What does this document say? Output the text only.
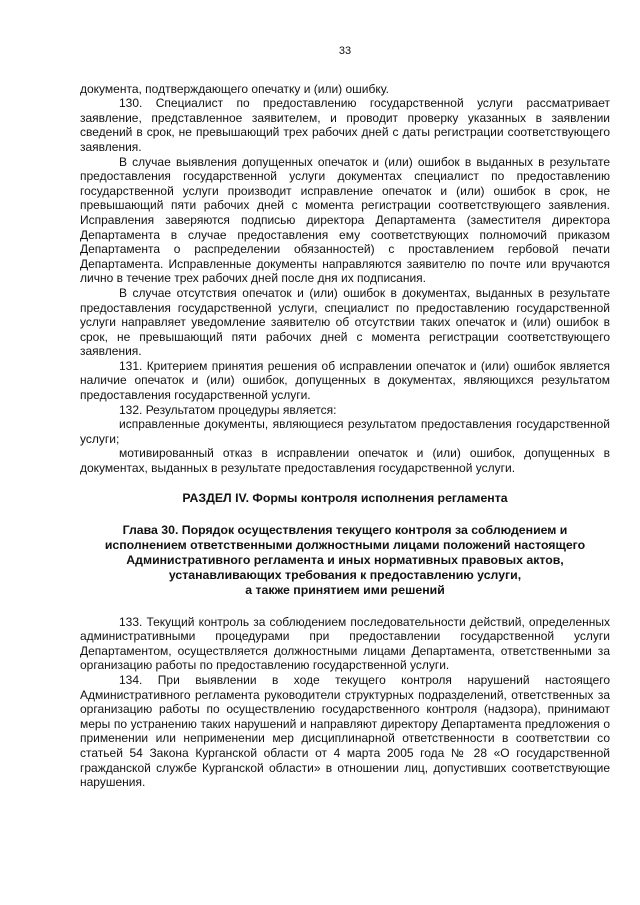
33

документа, подтверждающего опечатку и (или) ошибку.

130. Специалист по предоставлению государственной услуги рассматривает заявление, представленное заявителем, и проводит проверку указанных в заявлении сведений в срок, не превышающий трех рабочих дней с даты регистрации соответствующего заявления.

В случае выявления допущенных опечаток и (или) ошибок в выданных в результате предоставления государственной услуги документах специалист по предоставлению государственной услуги производит исправление опечаток и (или) ошибок в срок, не превышающий пяти рабочих дней с момента регистрации соответствующего заявления. Исправления заверяются подписью директора Департамента (заместителя директора Департамента в случае предоставления ему соответствующих полномочий приказом Департамента о распределении обязанностей) с проставлением гербовой печати Департамента. Исправленные документы направляются заявителю по почте или вручаются лично в течение трех рабочих дней после дня их подписания.

В случае отсутствия опечаток и (или) ошибок в документах, выданных в результате предоставления государственной услуги, специалист по предоставлению государственной услуги направляет уведомление заявителю об отсутствии таких опечаток и (или) ошибок в срок, не превышающий пяти рабочих дней с момента регистрации соответствующего заявления.

131. Критерием принятия решения об исправлении опечаток и (или) ошибок является наличие опечаток и (или) ошибок, допущенных в документах, являющихся результатом предоставления государственной услуги.

132. Результатом процедуры является:

исправленные документы, являющиеся результатом предоставления государственной услуги;

мотивированный отказ в исправлении опечаток и (или) ошибок, допущенных в документах, выданных в результате предоставления государственной услуги.

РАЗДЕЛ IV. Формы контроля исполнения регламента

Глава 30. Порядок осуществления текущего контроля за соблюдением и

исполнением ответственными должностными лицами положений настоящего

Административного регламента и иных нормативных правовых актов,

устанавливающих требования к предоставлению услуги,

а также принятием ими решений

133. Текущий контроль за соблюдением последовательности действий, определенных административными процедурами при предоставлении государственной услуги Департаментом, осуществляется должностными лицами Департамента, ответственными за организацию работы по предоставлению государственной услуги.

134. При выявлении в ходе текущего контроля нарушений настоящего Административного регламента руководители структурных подразделений, ответственных за организацию работы по осуществлению государственного контроля (надзора), принимают меры по устранению таких нарушений и направляют директору Департамента предложения о применении или неприменении мер дисциплинарной ответственности в соответствии со статьей 54 Закона Курганской области от 4 марта 2005 года № 28 «О государственной гражданской службе Курганской области» в отношении лиц, допустивших соответствующие нарушения.
